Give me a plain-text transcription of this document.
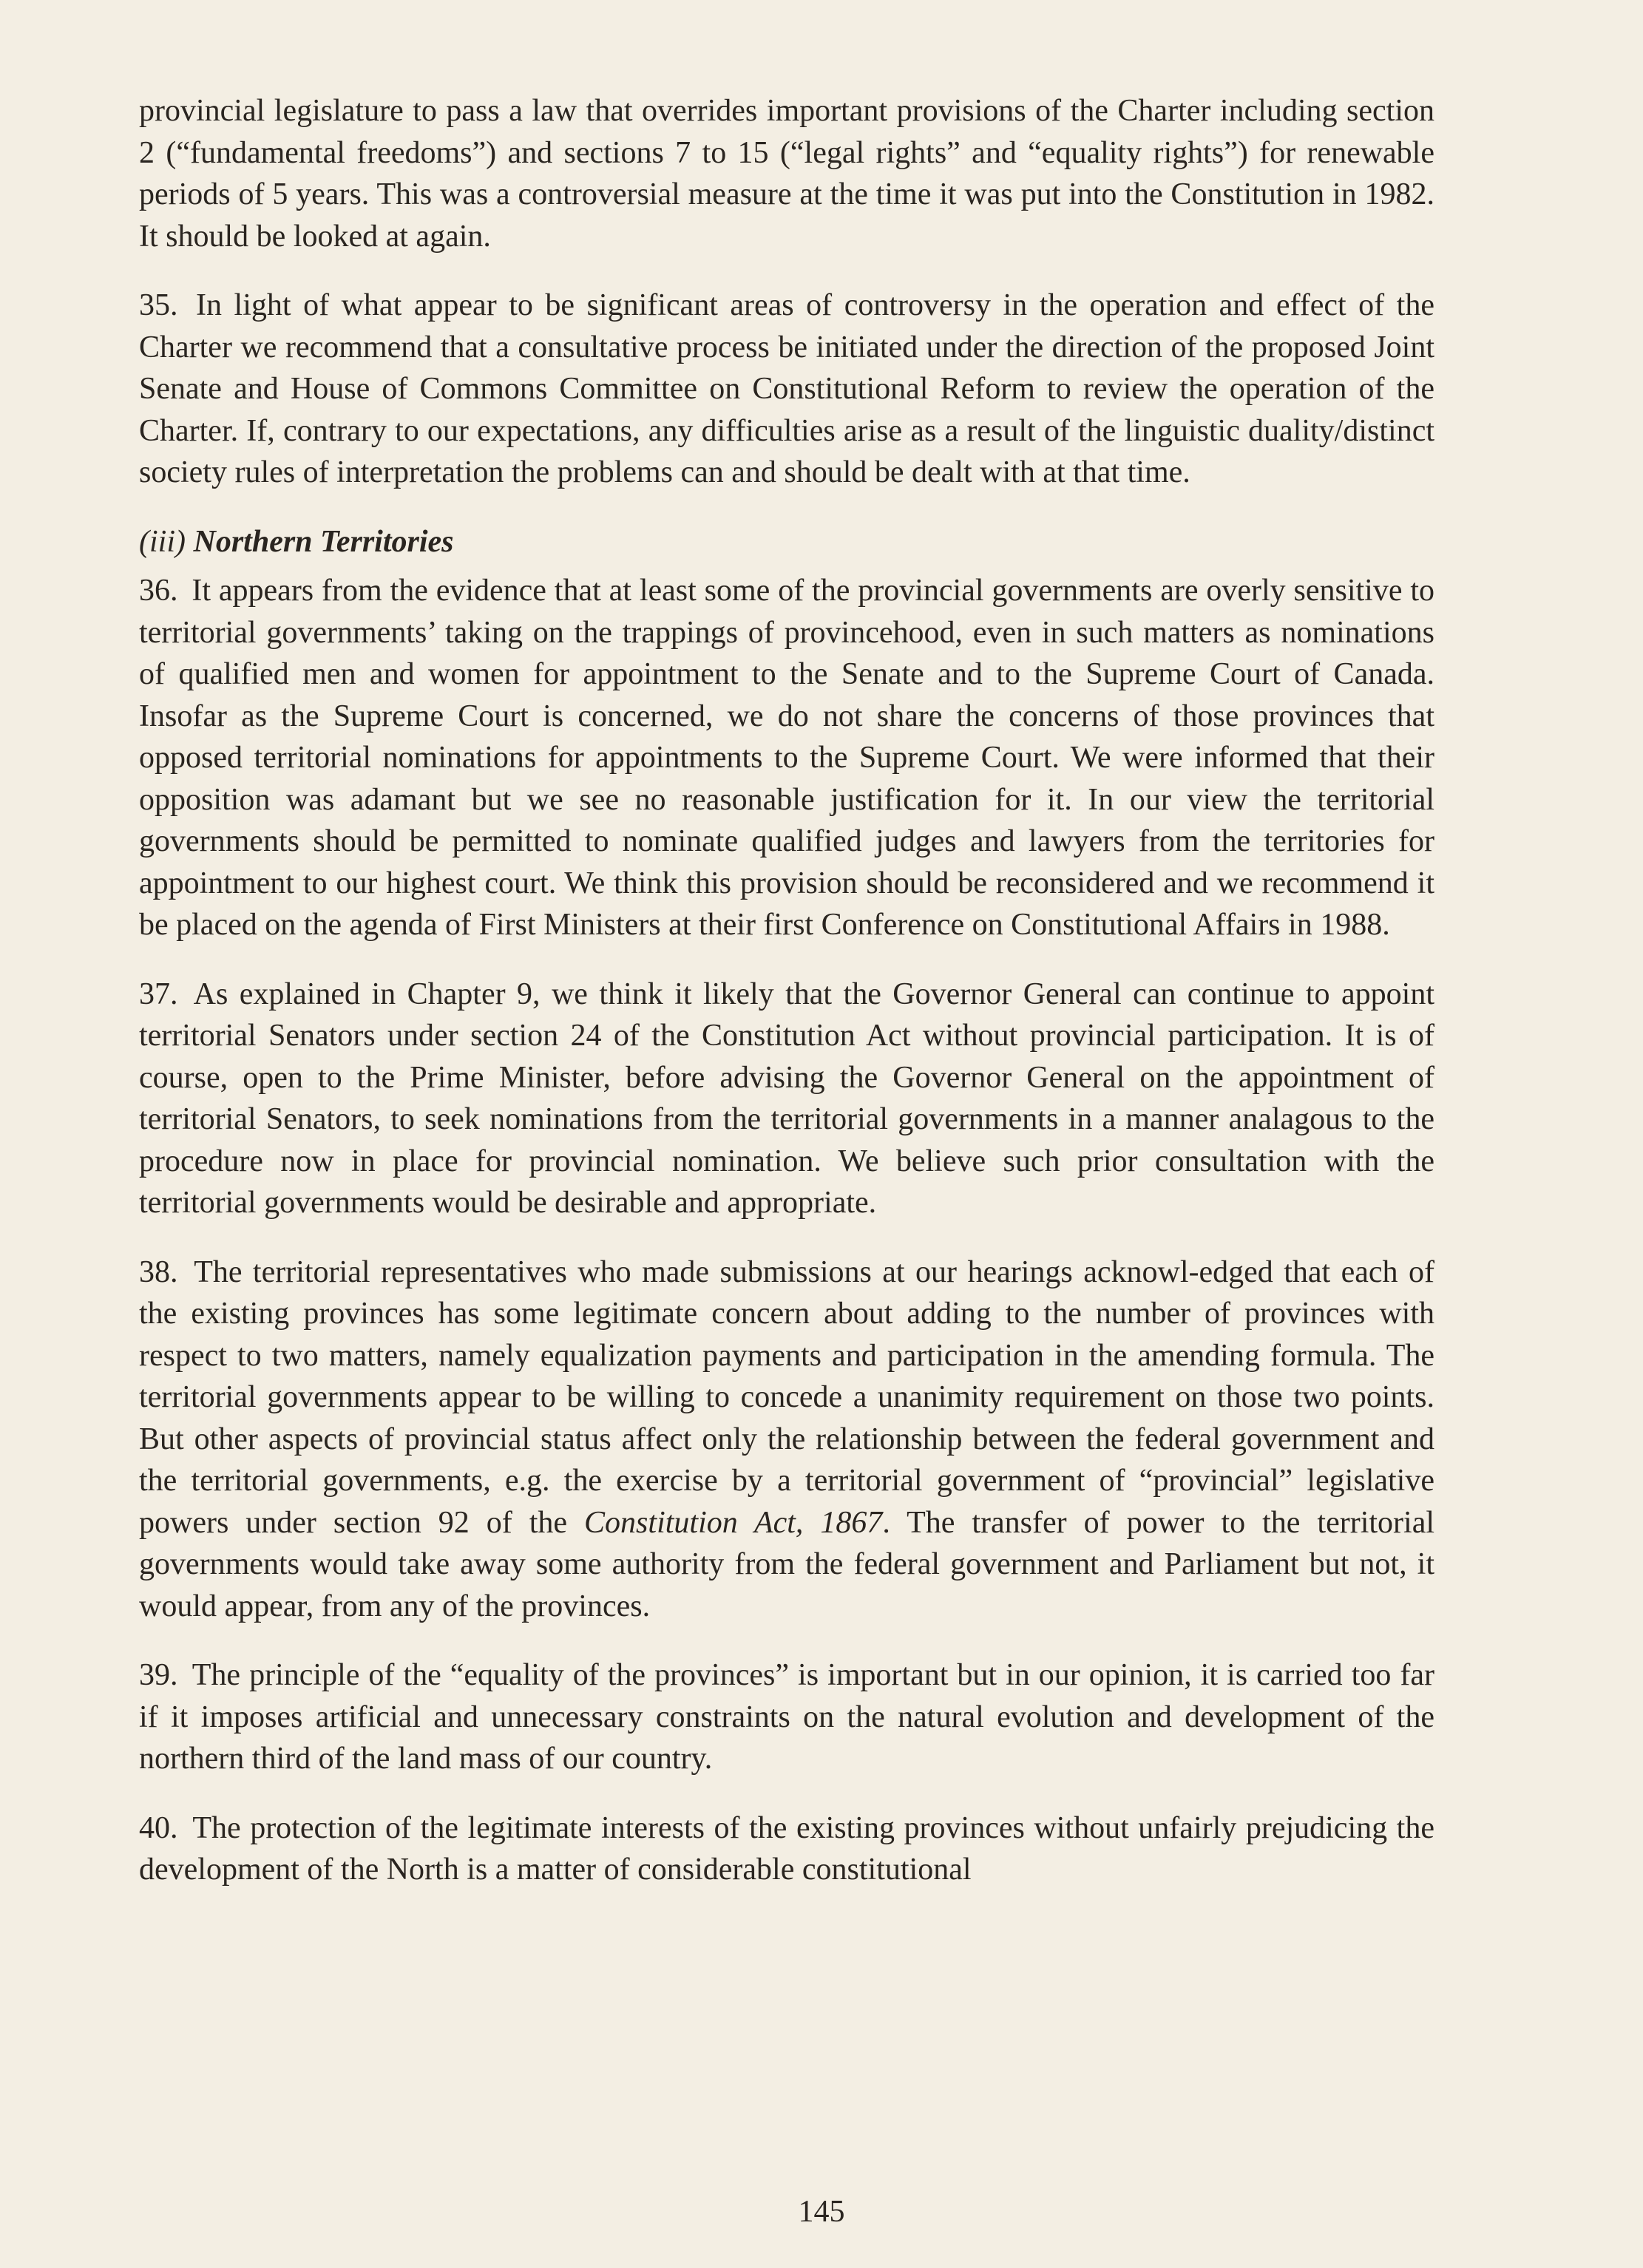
provincial legislature to pass a law that overrides important provisions of the Charter including section 2 (“fundamental freedoms”) and sections 7 to 15 (“legal rights” and “equality rights”) for renewable periods of 5 years. This was a controversial measure at the time it was put into the Constitution in 1982. It should be looked at again.

35. In light of what appear to be significant areas of controversy in the operation and effect of the Charter we recommend that a consultative process be initiated under the direction of the proposed Joint Senate and House of Commons Committee on Constitutional Reform to review the operation of the Charter. If, contrary to our expectations, any difficulties arise as a result of the linguistic duality/distinct society rules of interpretation the problems can and should be dealt with at that time.

(iii) Northern Territories

36. It appears from the evidence that at least some of the provincial governments are overly sensitive to territorial governments’ taking on the trappings of provincehood, even in such matters as nominations of qualified men and women for appointment to the Senate and to the Supreme Court of Canada. Insofar as the Supreme Court is concerned, we do not share the concerns of those provinces that opposed territorial nominations for appointments to the Supreme Court. We were informed that their opposition was adamant but we see no reasonable justification for it. In our view the territorial governments should be permitted to nominate qualified judges and lawyers from the territories for appointment to our highest court. We think this provision should be reconsidered and we recommend it be placed on the agenda of First Ministers at their first Conference on Constitutional Affairs in 1988.

37. As explained in Chapter 9, we think it likely that the Governor General can continue to appoint territorial Senators under section 24 of the Constitution Act without provincial participation. It is of course, open to the Prime Minister, before advising the Governor General on the appointment of territorial Senators, to seek nominations from the territorial governments in a manner analagous to the procedure now in place for provincial nomination. We believe such prior consultation with the territorial governments would be desirable and appropriate.

38. The territorial representatives who made submissions at our hearings acknowl-edged that each of the existing provinces has some legitimate concern about adding to the number of provinces with respect to two matters, namely equalization payments and participation in the amending formula. The territorial governments appear to be willing to concede a unanimity requirement on those two points. But other aspects of provincial status affect only the relationship between the federal government and the territorial governments, e.g. the exercise by a territorial government of “provincial” legislative powers under section 92 of the Constitution Act, 1867. The transfer of power to the territorial governments would take away some authority from the federal government and Parliament but not, it would appear, from any of the provinces.

39. The principle of the “equality of the provinces” is important but in our opinion, it is carried too far if it imposes artificial and unnecessary constraints on the natural evolution and development of the northern third of the land mass of our country.

40. The protection of the legitimate interests of the existing provinces without unfairly prejudicing the development of the North is a matter of considerable constitutional

145
